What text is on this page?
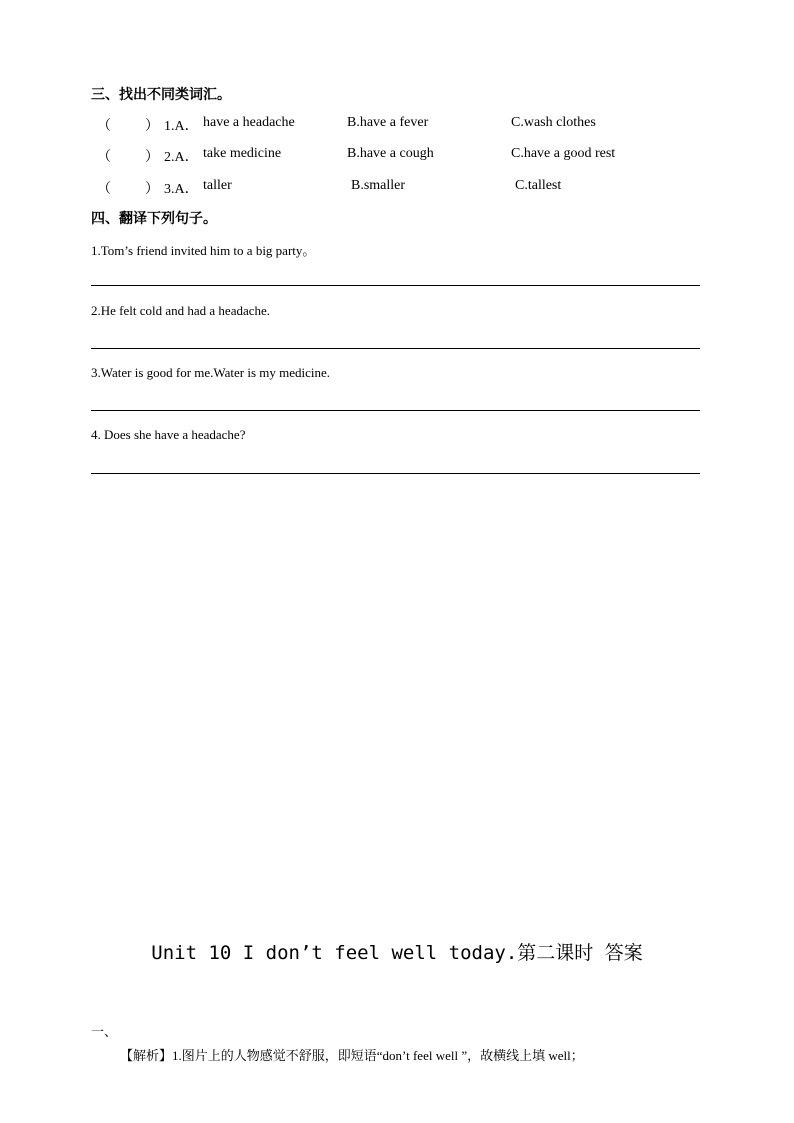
三、找出不同类词汇。
（ ） 1.A． have a headache	B.have a fever	C.wash clothes
（ ） 2.A． take medicine	B.have a cough	C.have a good rest
（ ） 3.A． taller	B.smaller	C.tallest
四、翻译下列句子。
1.Tom’s friend invited him to a big party。
2.He felt cold and had a headache.
3.Water is good for me.Water is my medicine.
4. Does she have a headache?
Unit 10 I don’t feel well today.第二课时 答案
一、
【解析】1.图片上的人物感觉不舒服，即短语“don’t feel well ”，故横线上填 well；
